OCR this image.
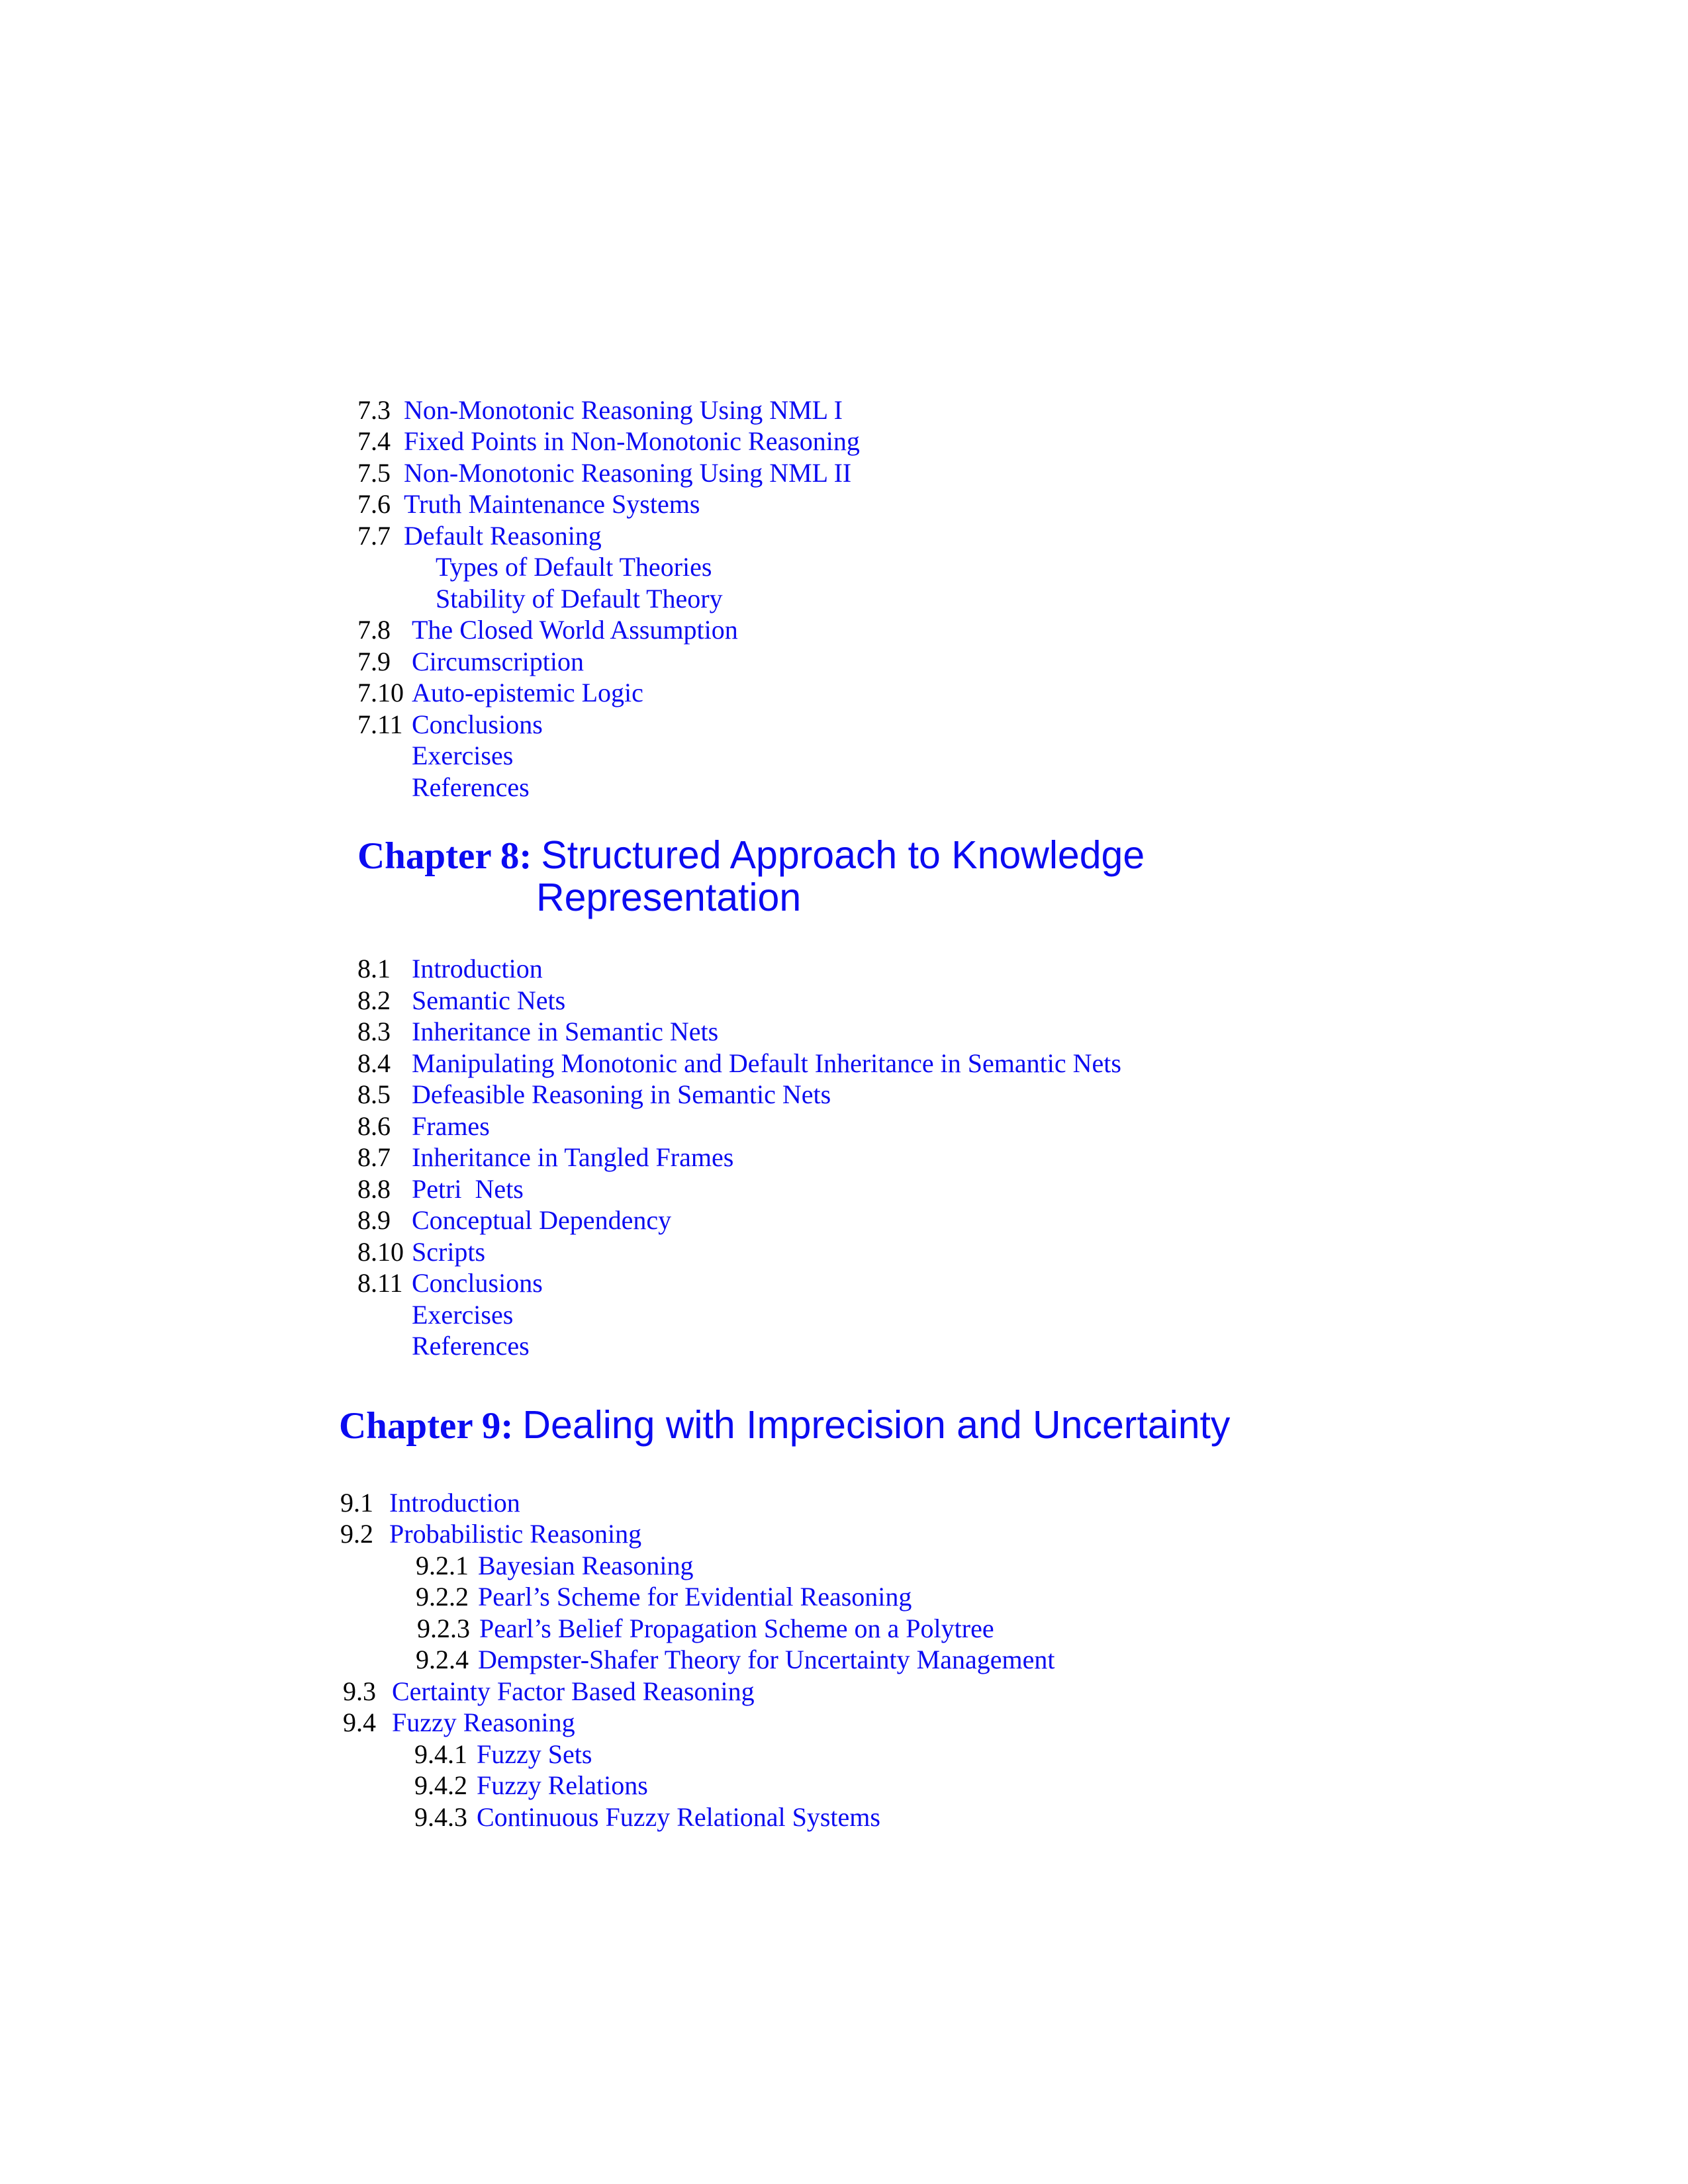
7.3 Non-Monotonic Reasoning Using NML I
7.4 Fixed Points in Non-Monotonic Reasoning
7.5 Non-Monotonic Reasoning Using NML II
7.6 Truth Maintenance Systems
7.7 Default Reasoning
Types of Default Theories
Stability of Default Theory
7.8 The Closed World Assumption
7.9 Circumscription
7.10 Auto-epistemic Logic
7.11 Conclusions
Exercises
References
Chapter 8: Structured Approach to Knowledge
Representation
8.1 Introduction
8.2 Semantic Nets
8.3 Inheritance in Semantic Nets
8.4 Manipulating Monotonic and Default Inheritance in Semantic Nets
8.5 Defeasible Reasoning in Semantic Nets
8.6 Frames
8.7 Inheritance in Tangled Frames
8.8 Petri  Nets
8.9 Conceptual Dependency
8.10 Scripts
8.11 Conclusions
Exercises
References
Chapter 9: Dealing with Imprecision and Uncertainty
9.1 Introduction
9.2 Probabilistic Reasoning
9.2.1 Bayesian Reasoning
9.2.2 Pearl’s Scheme for Evidential Reasoning
9.2.3 Pearl’s Belief Propagation Scheme on a Polytree
9.2.4 Dempster-Shafer Theory for Uncertainty Management
9.3 Certainty Factor Based Reasoning
9.4 Fuzzy Reasoning
9.4.1 Fuzzy Sets
9.4.2 Fuzzy Relations
9.4.3 Continuous Fuzzy Relational Systems
